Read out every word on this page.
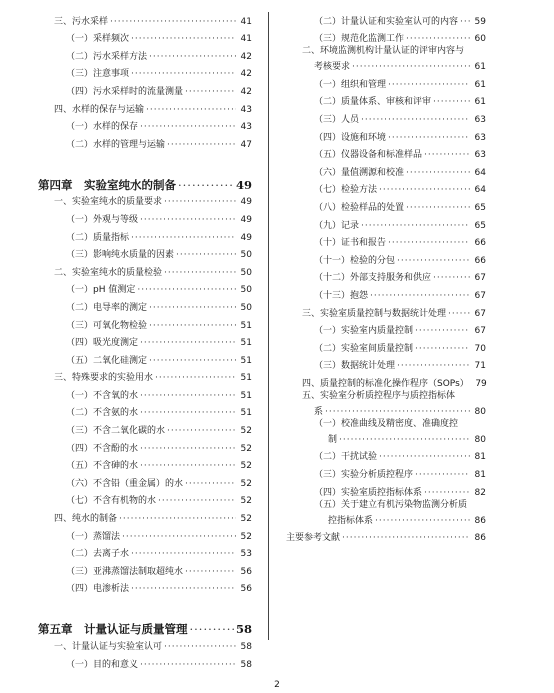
三、污水采样 ·····	41
（一）采样频次 ·····	41
（二）污水采样方法 ·····	42
（三）注意事项 ·····	42
（四）污水采样时的流量测量 ·····	42
四、水样的保存与运输 ·····	43
（一）水样的保存 ·····	43
（二）水样的管理与运输 ·····	47
第四章　实验室纯水的制备 ·····	49
一、实验室纯水的质量要求 ·····	49
（一）外观与等级 ·····	49
（二）质量指标 ·····	49
（三）影响纯水质量的因素 ·····	50
二、实验室纯水的质量检验 ·····	50
（一）pH 值测定 ·····	50
（二）电导率的测定 ·····	50
（三）可氧化物检验 ·····	51
（四）吸光度测定 ·····	51
（五）二氧化硅测定 ·····	51
三、特殊要求的实验用水 ·····	51
（一）不含氧的水 ·····	51
（二）不含氨的水 ·····	51
（三）不含二氧化碳的水 ·····	52
（四）不含酚的水 ·····	52
（五）不含砷的水 ·····	52
（六）不含铅（重金属）的水 ·····	52
（七）不含有机物的水 ·····	52
四、纯水的制备 ·····	52
（一）蒸馏法 ·····	52
（二）去离子水 ·····	53
（三）亚沸蒸馏法制取超纯水 ·····	56
（四）电渗析法 ·····	56
第五章　计量认证与质量管理 ·····	58
一、计量认证与实验室认可 ·····	58
（一）目的和意义 ·····	58
（二）计量认证和实验室认可的内容 ····· 59
（三）规范化监测工作 ·····	60
二、环境监测机构计量认证的评审内容与
考核要求 ·····	61
（一）组织和管理 ·····	61
（二）质量体系、审核和评审 ·····	61
（三）人员 ·····	63
（四）设施和环境 ·····	63
（五）仪器设备和标准样品 ·····	63
（六）量值溯源和校准 ·····	64
（七）检验方法 ·····	64
（八）检验样品的处置 ·····	65
（九）记录 ·····	65
（十）证书和报告 ·····	66
（十一）检验的分包 ·····	66
（十二）外部支持服务和供应 ·····	67
（十三）抱怨 ·····	67
三、实验室质量控制与数据统计处理 ·····	67
（一）实验室内质量控制 ·····	67
（二）实验室间质量控制 ·····	70
（三）数据统计处理 ·····	71
四、质量控制的标准化操作程序（SOPs） 79
五、实验室分析质控程序与质控指标体
系 ·····	80
（一）校准曲线及精密度、准确度控
制 ·····	80
（二）干扰试验 ·····	81
（三）实验分析质控程序 ·····	81
（四）实验室质控指标体系 ·····	82
（五）关于建立有机污染物监测分析质
控指标体系 ·····	86
主要参考文献 ·····	86
2
